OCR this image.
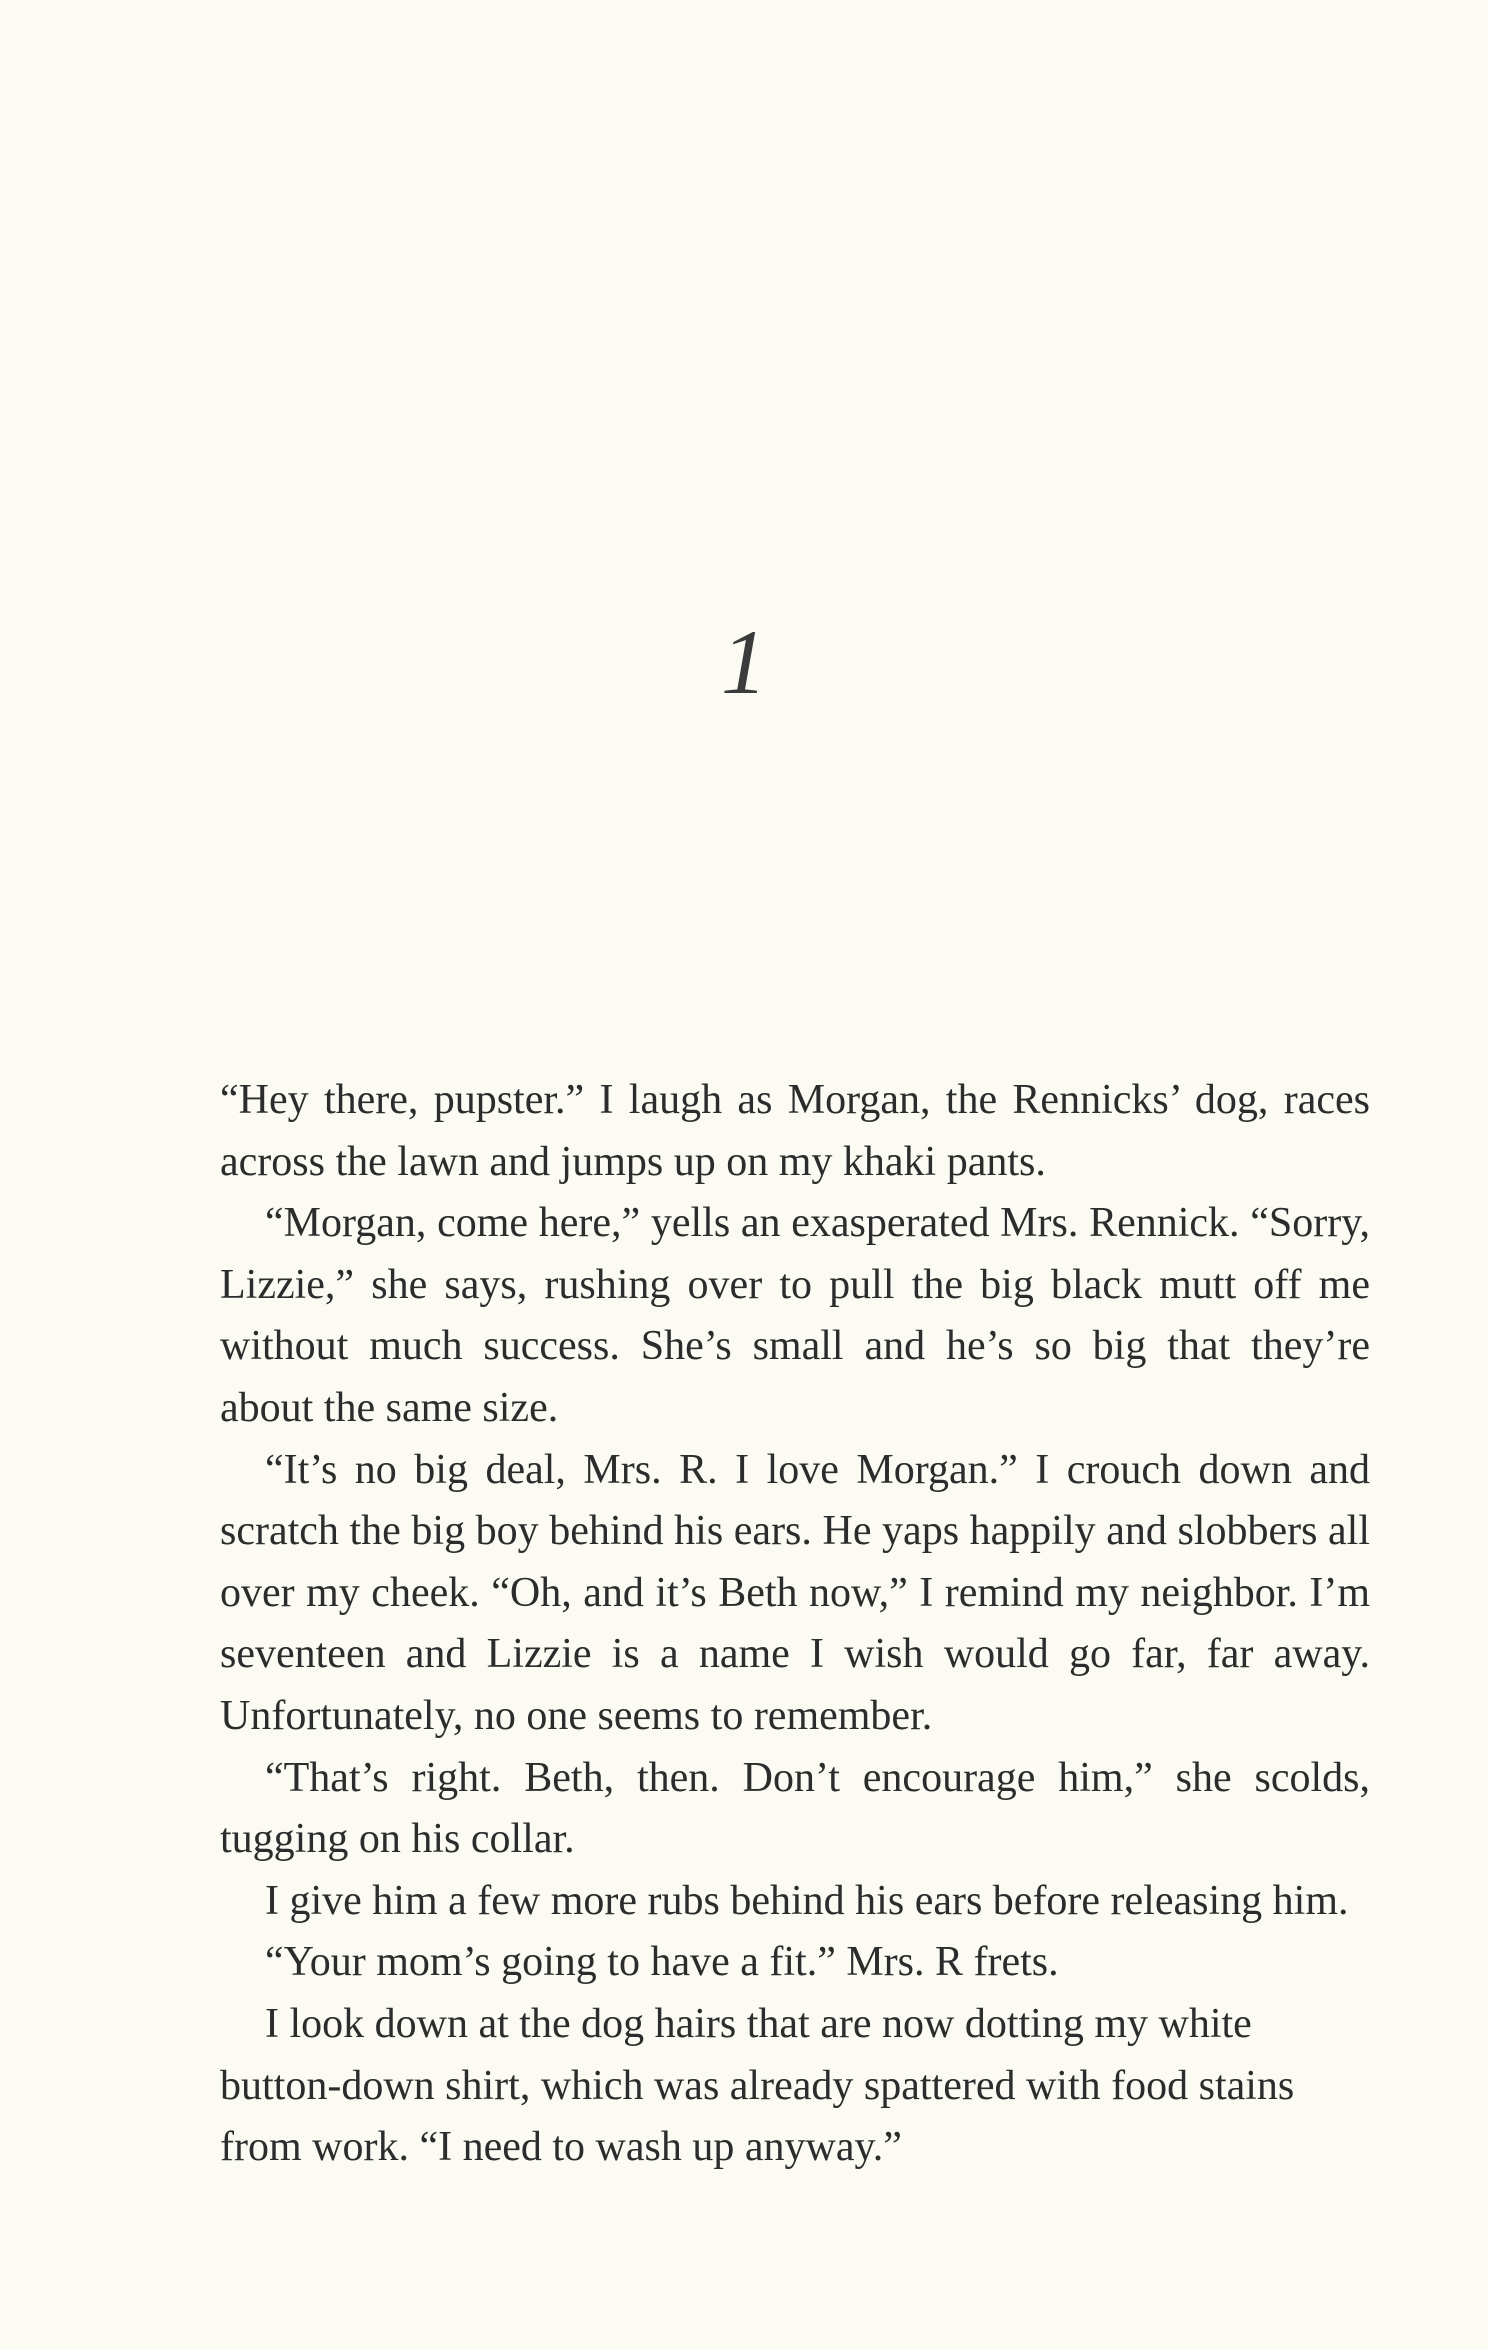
1

“Hey there, pupster.” I laugh as Morgan, the Rennicks’ dog, races across the lawn and jumps up on my khaki pants.

“Morgan, come here,” yells an exasperated Mrs. Rennick. “Sorry, Lizzie,” she says, rushing over to pull the big black mutt off me without much success. She’s small and he’s so big that they’re about the same size.

“It’s no big deal, Mrs. R. I love Morgan.” I crouch down and scratch the big boy behind his ears. He yaps happily and slobbers all over my cheek. “Oh, and it’s Beth now,” I remind my neighbor. I’m seventeen and Lizzie is a name I wish would go far, far away. Unfortunately, no one seems to remember.

“That’s right. Beth, then. Don’t encourage him,” she scolds, tugging on his collar.

I give him a few more rubs behind his ears before releasing him.

“Your mom’s going to have a fit.” Mrs. R frets.

I look down at the dog hairs that are now dotting my white button-down shirt, which was already spattered with food stains from work. “I need to wash up anyway.”
